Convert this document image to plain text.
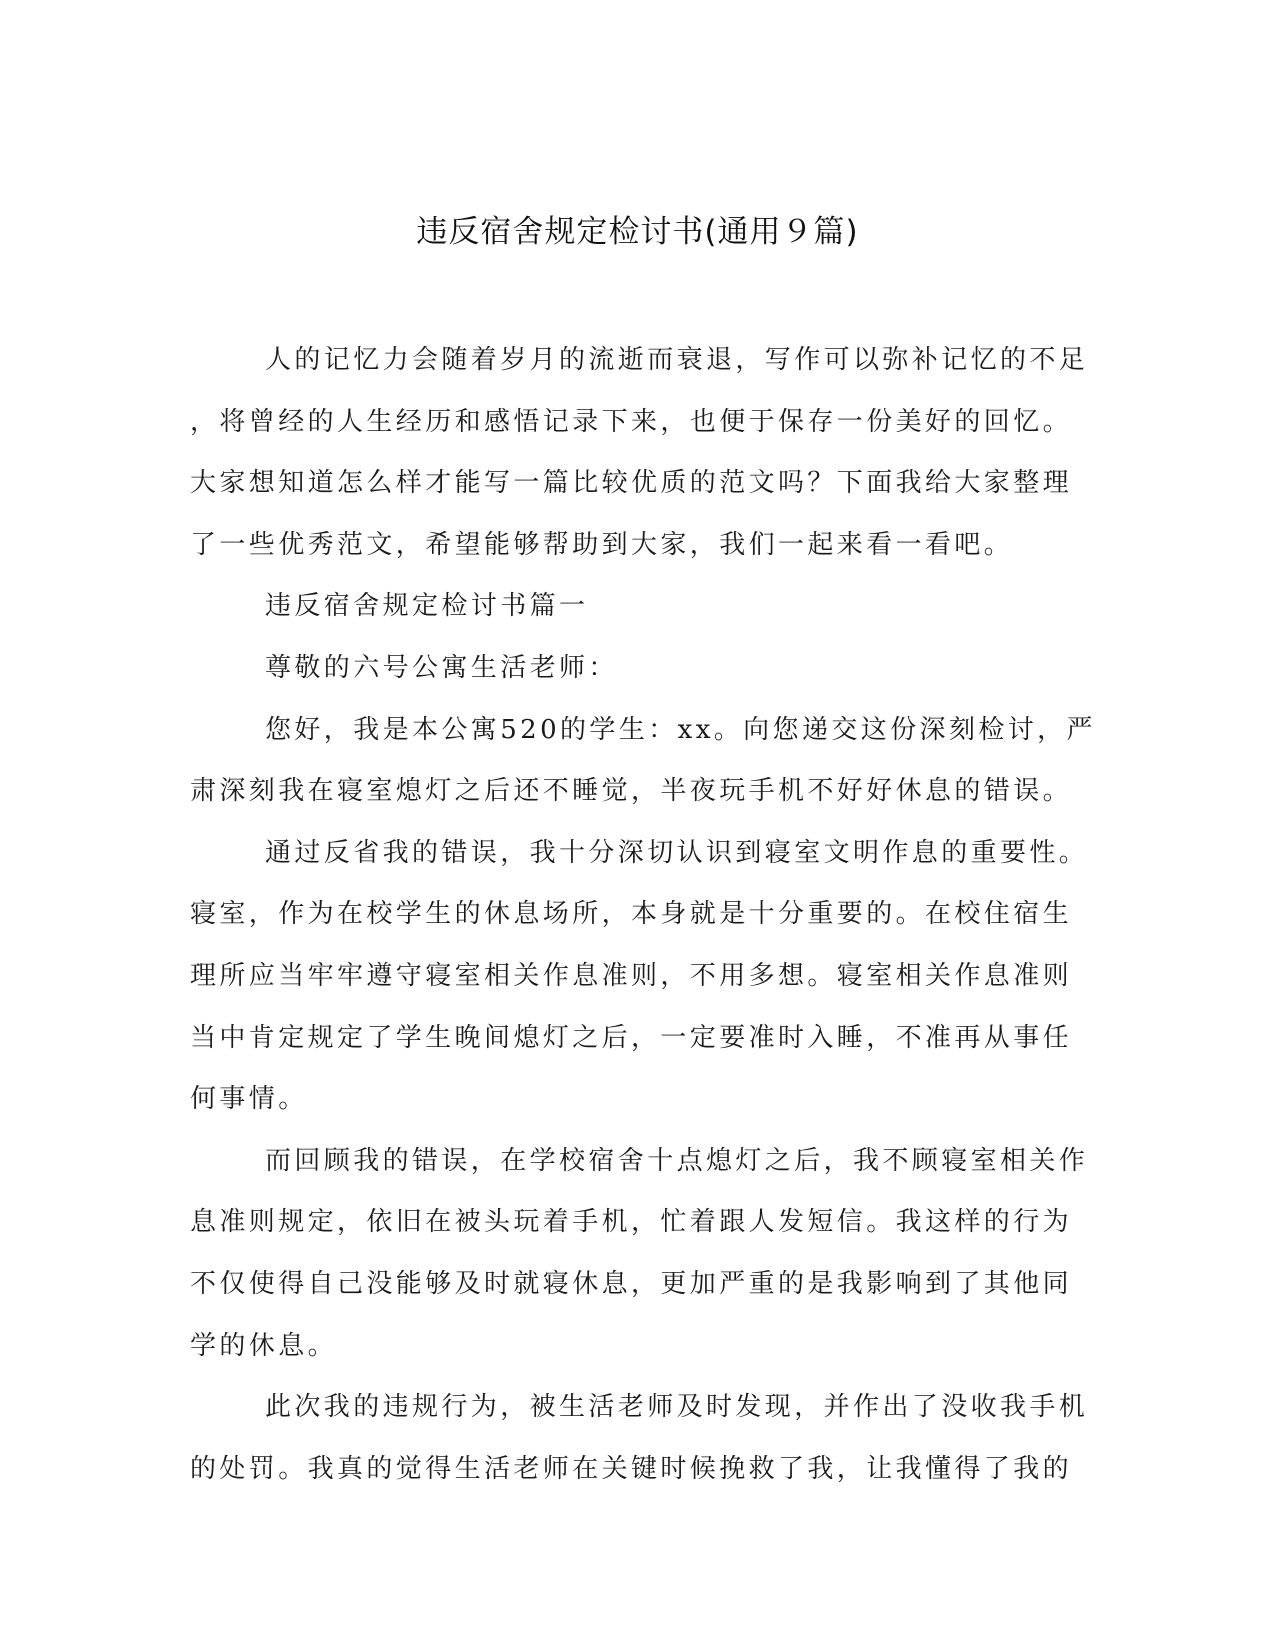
违反宿舍规定检讨书(通用９篇)
人的记忆力会随着岁月的流逝而衰退，写作可以弥补记忆的不足
，将曾经的人生经历和感悟记录下来，也便于保存一份美好的回忆。
大家想知道怎么样才能写一篇比较优质的范文吗？下面我给大家整理
了一些优秀范文，希望能够帮助到大家，我们一起来看一看吧。
违反宿舍规定检讨书篇一
尊敬的六号公寓生活老师：
您好，我是本公寓520的学生：xx。向您递交这份深刻检讨，严
肃深刻我在寝室熄灯之后还不睡觉，半夜玩手机不好好休息的错误。
通过反省我的错误，我十分深切认识到寝室文明作息的重要性。
寝室，作为在校学生的休息场所，本身就是十分重要的。在校住宿生
理所应当牢牢遵守寝室相关作息准则，不用多想。寝室相关作息准则
当中肯定规定了学生晚间熄灯之后，一定要准时入睡，不准再从事任
何事情。
而回顾我的错误，在学校宿舍十点熄灯之后，我不顾寝室相关作
息准则规定，依旧在被头玩着手机，忙着跟人发短信。我这样的行为
不仅使得自己没能够及时就寝休息，更加严重的是我影响到了其他同
学的休息。
此次我的违规行为，被生活老师及时发现，并作出了没收我手机
的处罚。我真的觉得生活老师在关键时候挽救了我，让我懂得了我的
